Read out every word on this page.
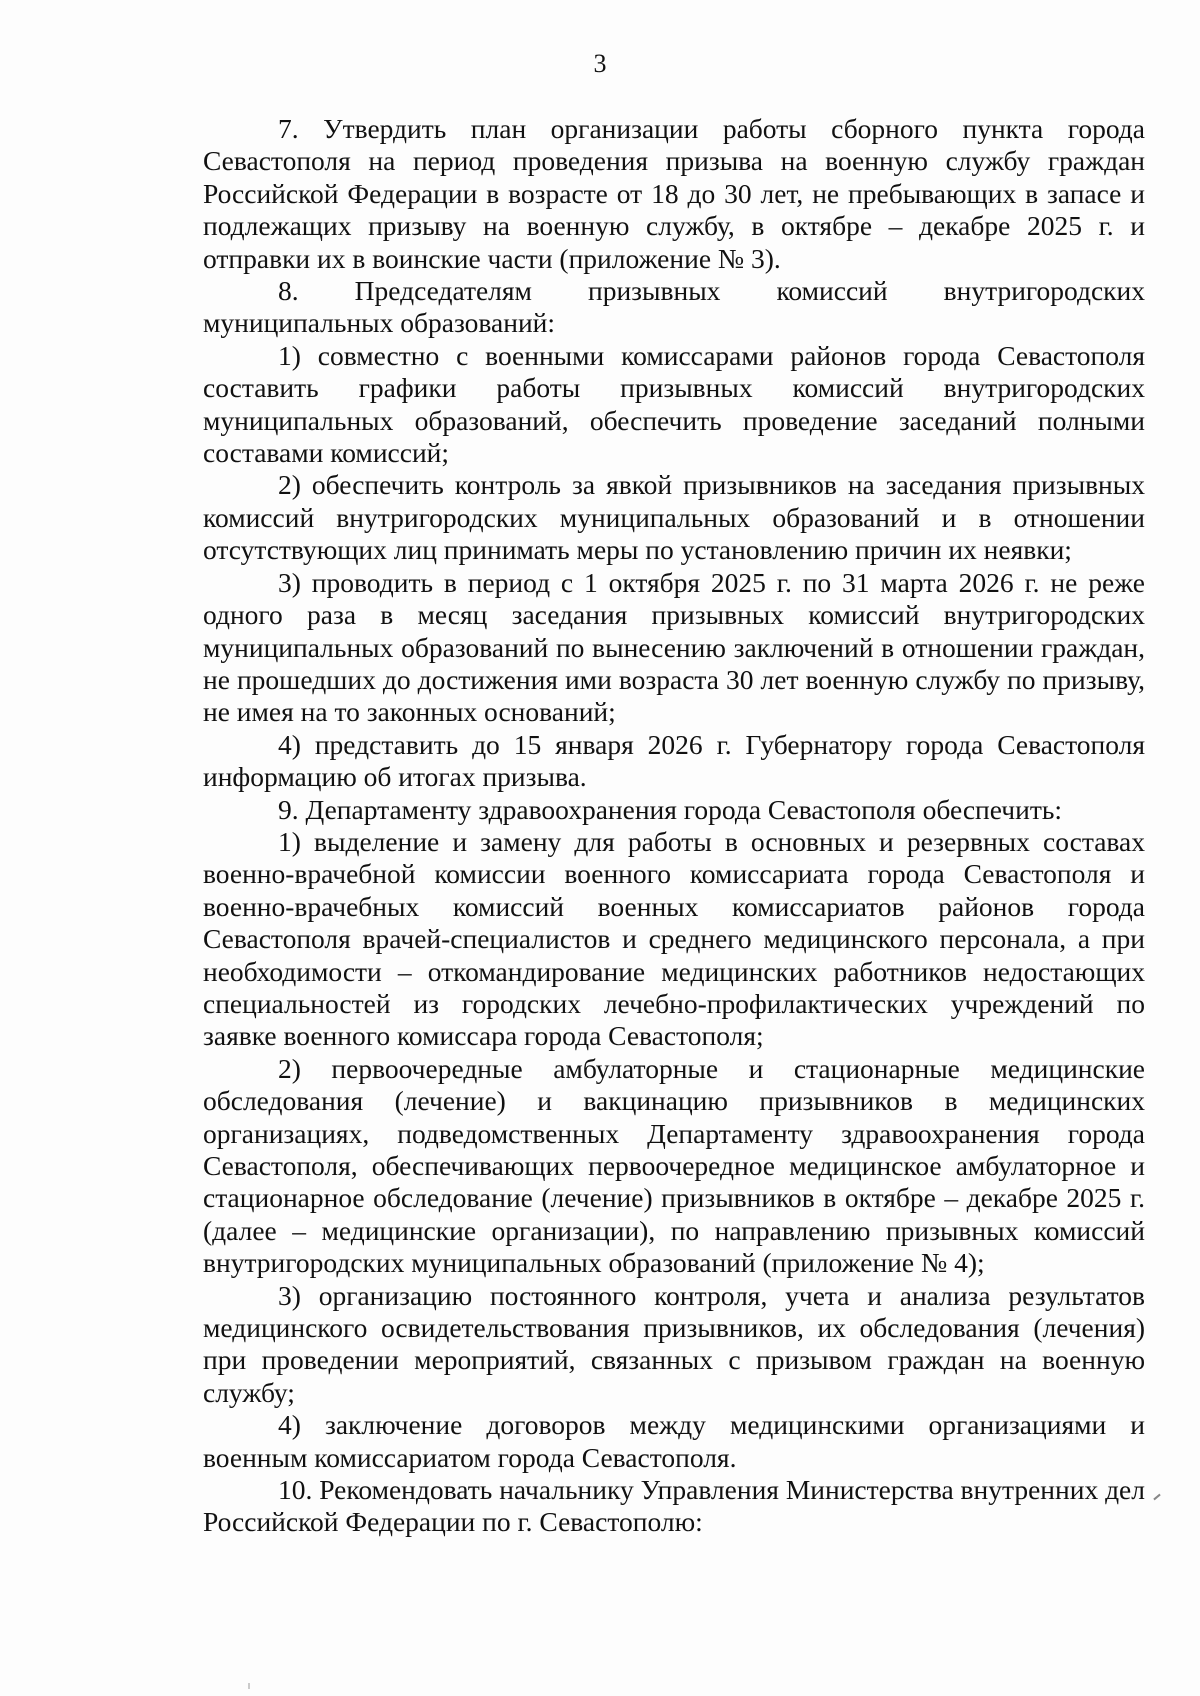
3

7. Утвердить план организации работы сборного пункта города Севастополя на период проведения призыва на военную службу граждан Российской Федерации в возрасте от 18 до 30 лет, не пребывающих в запасе и подлежащих призыву на военную службу, в октябре – декабре 2025 г. и отправки их в воинские части (приложение № 3).

8. Председателям призывных комиссий внутригородских муниципальных образований:

1) совместно с военными комиссарами районов города Севастополя составить графики работы призывных комиссий внутригородских муниципальных образований, обеспечить проведение заседаний полными составами комиссий;

2) обеспечить контроль за явкой призывников на заседания призывных комиссий внутригородских муниципальных образований и в отношении отсутствующих лиц принимать меры по установлению причин их неявки;

3) проводить в период с 1 октября 2025 г. по 31 марта 2026 г. не реже одного раза в месяц заседания призывных комиссий внутригородских муниципальных образований по вынесению заключений в отношении граждан, не прошедших до достижения ими возраста 30 лет военную службу по призыву, не имея на то законных оснований;

4) представить до 15 января 2026 г. Губернатору города Севастополя информацию об итогах призыва.

9. Департаменту здравоохранения города Севастополя обеспечить:

1) выделение и замену для работы в основных и резервных составах военно-врачебной комиссии военного комиссариата города Севастополя и военно-врачебных комиссий военных комиссариатов районов города Севастополя врачей-специалистов и среднего медицинского персонала, а при необходимости – откомандирование медицинских работников недостающих специальностей из городских лечебно-профилактических учреждений по заявке военного комиссара города Севастополя;

2) первоочередные амбулаторные и стационарные медицинские обследования (лечение) и вакцинацию призывников в медицинских организациях, подведомственных Департаменту здравоохранения города Севастополя, обеспечивающих первоочередное медицинское амбулаторное и стационарное обследование (лечение) призывников в октябре – декабре 2025 г. (далее – медицинские организации), по направлению призывных комиссий внутригородских муниципальных образований (приложение № 4);

3) организацию постоянного контроля, учета и анализа результатов медицинского освидетельствования призывников, их обследования (лечения) при проведении мероприятий, связанных с призывом граждан на военную службу;

4) заключение договоров между медицинскими организациями и военным комиссариатом города Севастополя.

10. Рекомендовать начальнику Управления Министерства внутренних дел Российской Федерации по г. Севастополю:
